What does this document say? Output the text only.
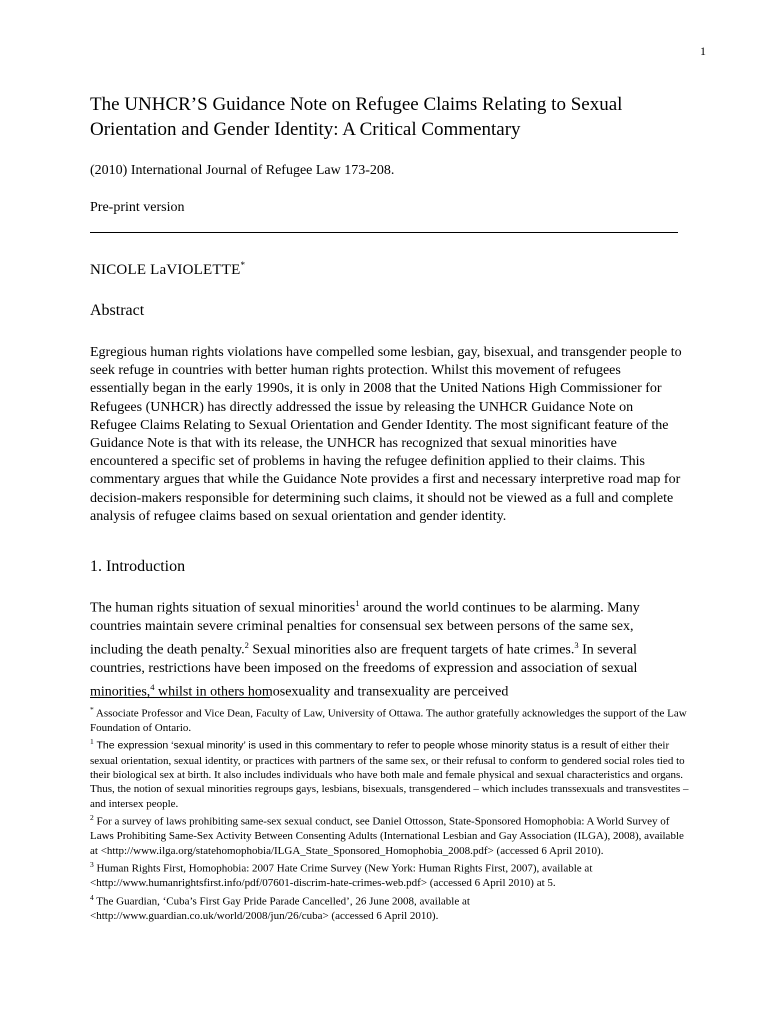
1
The UNHCR’S Guidance Note on Refugee Claims Relating to Sexual Orientation and Gender Identity: A Critical Commentary
(2010) International Journal of Refugee Law 173-208.
Pre-print version
NICOLE LaVIOLETTE*
Abstract
Egregious human rights violations have compelled some lesbian, gay, bisexual, and transgender people to seek refuge in countries with better human rights protection. Whilst this movement of refugees essentially began in the early 1990s, it is only in 2008 that the United Nations High Commissioner for Refugees (UNHCR) has directly addressed the issue by releasing the UNHCR Guidance Note on Refugee Claims Relating to Sexual Orientation and Gender Identity. The most significant feature of the Guidance Note is that with its release, the UNHCR has recognized that sexual minorities have encountered a specific set of problems in having the refugee definition applied to their claims. This commentary argues that while the Guidance Note provides a first and necessary interpretive road map for decision-makers responsible for determining such claims, it should not be viewed as a full and complete analysis of refugee claims based on sexual orientation and gender identity.
1. Introduction
The human rights situation of sexual minorities$^1$ around the world continues to be alarming. Many countries maintain severe criminal penalties for consensual sex between persons of the same sex, including the death penalty.$^2$ Sexual minorities also are frequent targets of hate crimes.$^3$ In several countries, restrictions have been imposed on the freedoms of expression and association of sexual minorities,$^4$ whilst in others homosexuality and transexuality are perceived

* Associate Professor and Vice Dean, Faculty of Law, University of Ottawa. The author gratefully acknowledges the support of the Law Foundation of Ontario.

$^1$ The expression ‘sexual minority’ is used in this commentary to refer to people whose minority status is a result of either their sexual orientation, sexual identity, or practices with partners of the same sex, or their refusal to conform to gendered social roles tied to their biological sex at birth. It also includes individuals who have both male and female physical and sexual characteristics and organs. Thus, the notion of sexual minorities regroups gays, lesbians, bisexuals, transgendered – which includes transsexuals and transvestites – and intersex people.

$^2$ For a survey of laws prohibiting same-sex sexual conduct, see Daniel Ottosson, State-Sponsored Homophobia: A World Survey of Laws Prohibiting Same-Sex Activity Between Consenting Adults (International Lesbian and Gay Association (ILGA), 2008), available at <http://www.ilga.org/statehomophobia/ILGA_State_Sponsored_Homophobia_2008.pdf> (accessed 6 April 2010).

$^3$ Human Rights First, Homophobia: 2007 Hate Crime Survey (New York: Human Rights First, 2007), available at <http://www.humanrightsfirst.info/pdf/07601-discrim-hate-crimes-web.pdf> (accessed 6 April 2010) at 5.

$^4$ The Guardian, ‘Cuba’s First Gay Pride Parade Cancelled’, 26 June 2008, available at <http://www.guardian.co.uk/world/2008/jun/26/cuba> (accessed 6 April 2010).
